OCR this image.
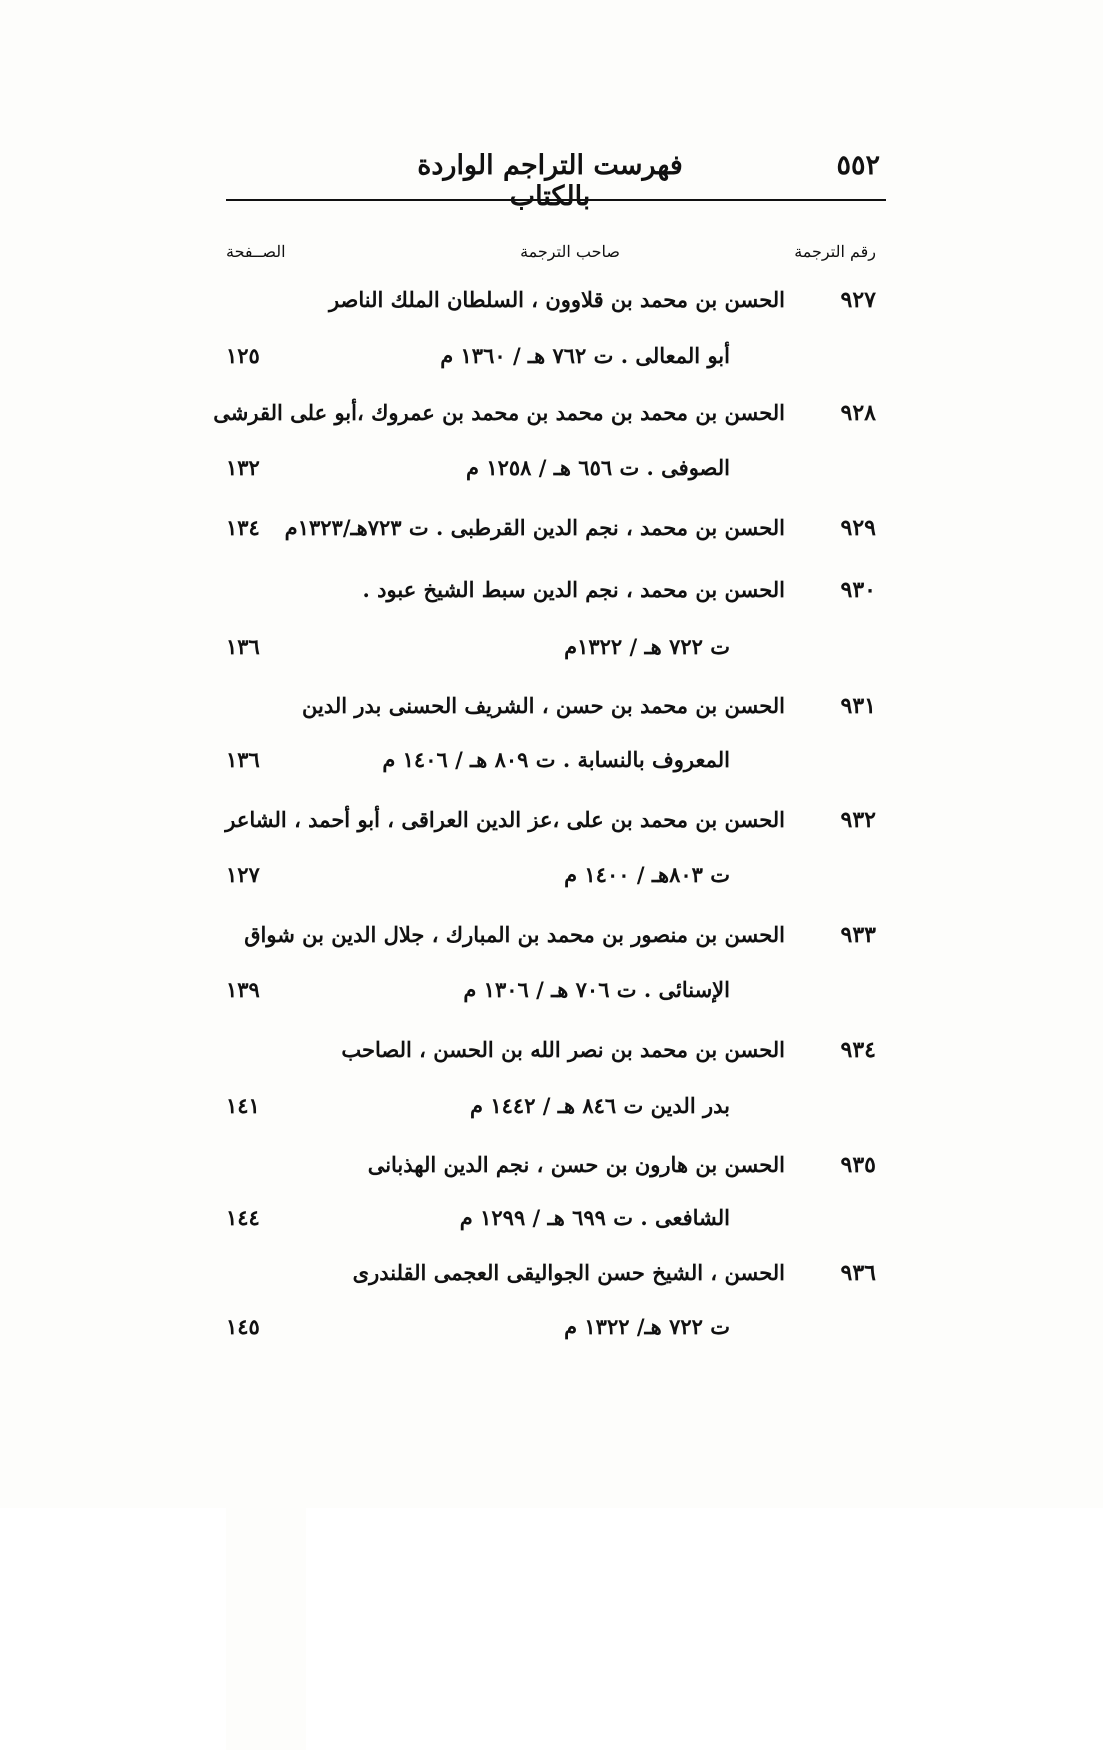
٥٥٢
فهرست التراجم الواردة بالكتاب
رقم الترجمة
صاحب الترجمة
الصــفحة
٩٢٧
الحسن بن محمد بن قلاوون ، السلطان الملك الناصر
أبو المعالى . ت ٧٦٢ هـ / ١٣٦٠ م
١٢٥
٩٢٨
الحسن بن محمد بن محمد بن محمد بن عمروك ،أبو على القرشى
الصوفى . ت ٦٥٦ هـ / ١٢٥٨ م
١٣٢
٩٢٩
الحسن بن محمد ، نجم الدين القرطبى . ت ٧٢٣هـ/١٣٢٣م
١٣٤
٩٣٠
الحسن بن محمد ، نجم الدين سبط الشيخ عبود .
ت ٧٢٢ هـ / ١٣٢٢م
١٣٦
٩٣١
الحسن بن محمد بن حسن ، الشريف الحسنى بدر الدين
المعروف بالنسابة . ت ٨٠٩ هـ / ١٤٠٦ م
١٣٦
٩٣٢
الحسن بن محمد بن على ،عز الدين العراقى ، أبو أحمد ، الشاعر
ت ٨٠٣هـ / ١٤٠٠ م
١٢٧
٩٣٣
الحسن بن منصور بن محمد بن المبارك ، جلال الدين بن شواق
الإسنائى . ت ٧٠٦ هـ / ١٣٠٦ م
١٣٩
٩٣٤
الحسن بن محمد بن نصر الله بن الحسن ، الصاحب
بدر الدين ت ٨٤٦ هـ / ١٤٤٢ م
١٤١
٩٣٥
الحسن بن هارون بن حسن ، نجم الدين الهذبانى
الشافعى . ت ٦٩٩ هـ / ١٢٩٩ م
١٤٤
٩٣٦
الحسن ، الشيخ حسن الجواليقى العجمى القلندرى
ت ٧٢٢ هـ/ ١٣٢٢ م
١٤٥
